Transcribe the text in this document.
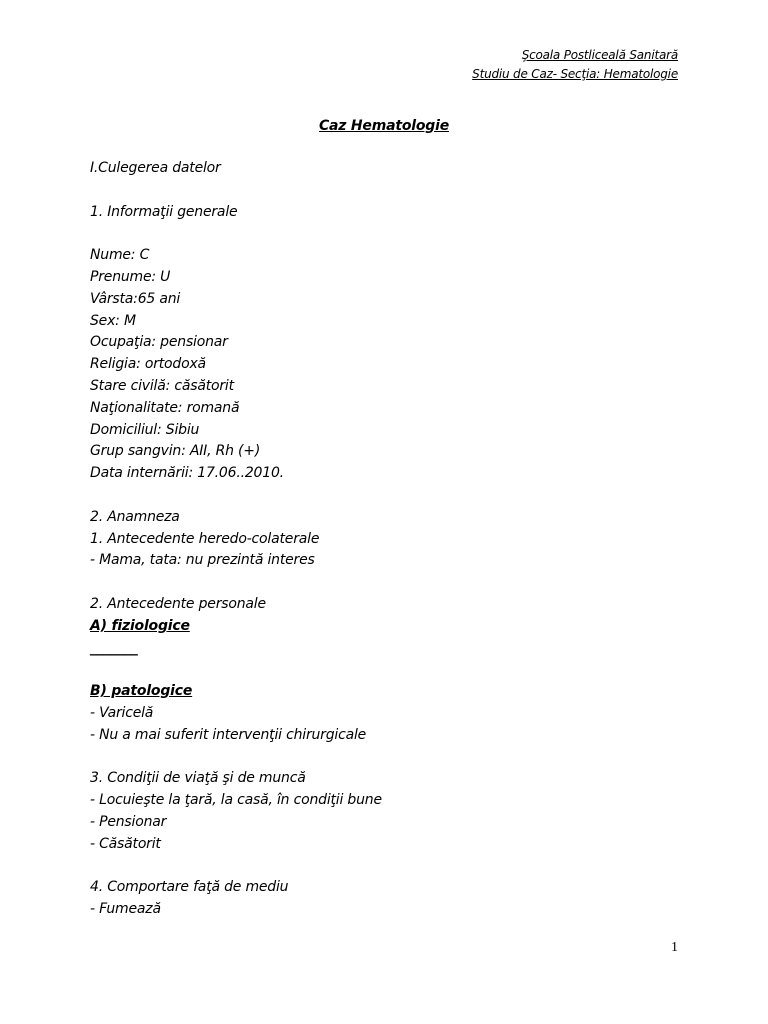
Şcoala Postliceală Sanitară
Studiu de Caz- Secţia: Hematologie
Caz Hematologie
I.Culegerea datelor
1. Informaţii generale
Nume: C
Prenume: U
Vârsta:65 ani
Sex: M
Ocupaţia: pensionar
Religia: ortodoxă
Stare civilă: căsătorit
Naţionalitate: romană
Domiciliul: Sibiu
Grup sangvin: AII, Rh (+)
Data internării: 17.06..2010.
2. Anamneza
1. Antecedente heredo-colaterale
- Mama, tata: nu prezintă interes
2. Antecedente personale
A) fiziologice
_______
B) patologice
- Varicelă
- Nu a mai suferit intervenţii chirurgicale
3. Condiţii de viaţă şi de muncă
- Locuieşte la ţară, la casă, în condiţii bune
- Pensionar
- Căsătorit
4. Comportare faţă de mediu
- Fumează
1
